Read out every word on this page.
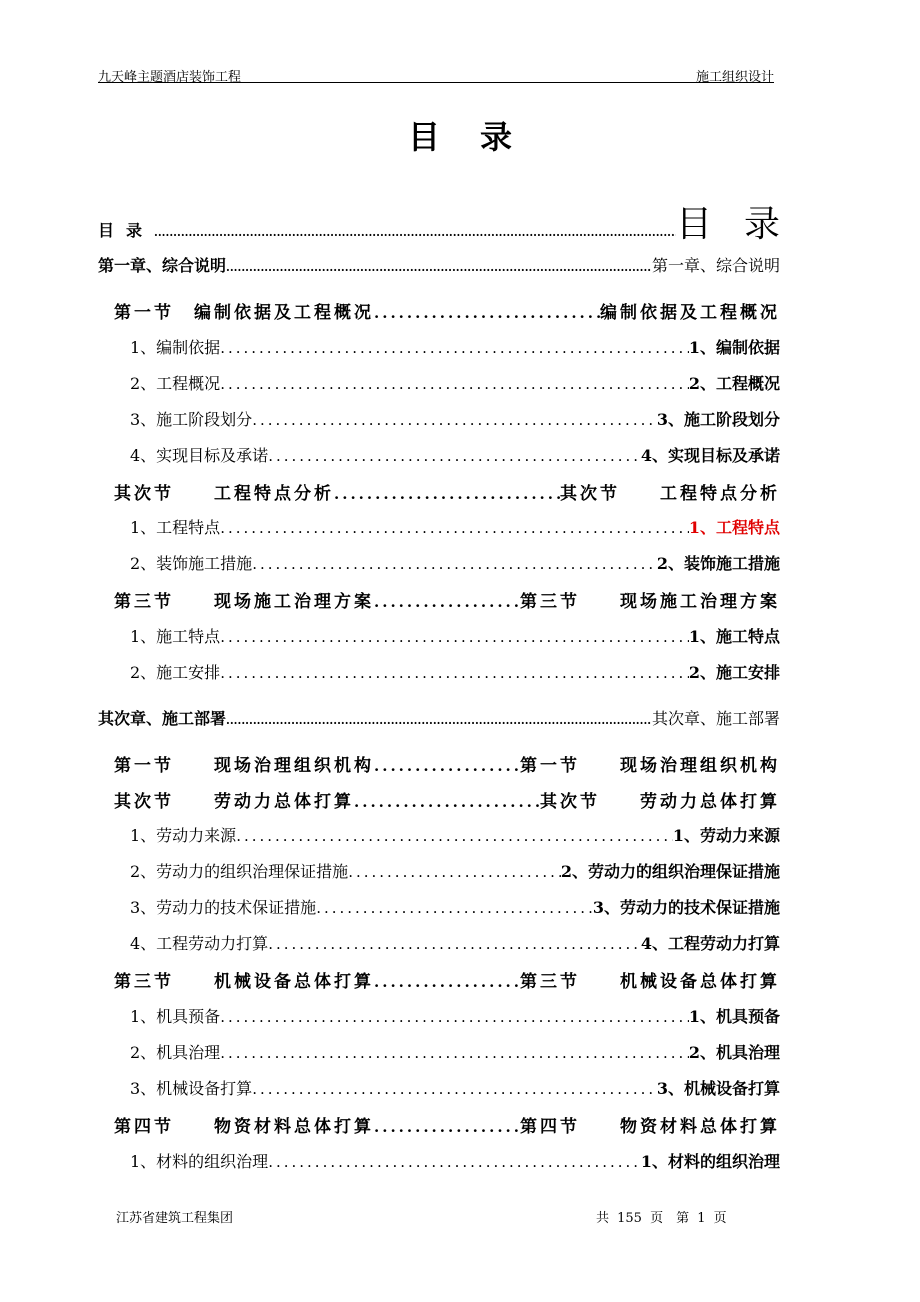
九天峰主题酒店装饰工程	施工组织设计
目录
目录 .....	目录
第一章、综合说明 .....	第一章、综合说明
第一节　编制依据及工程概况 .....	编制依据及工程概况
1、编制依据 .....	1、编制依据
2、工程概况 .....	2、工程概况
3、施工阶段划分 .....	3、施工阶段划分
4、实现目标及承诺 .....	4、实现目标及承诺
其次节　　工程特点分析 .....	其次节　　工程特点分析
1、工程特点 .....	1、工程特点
2、装饰施工措施 .....	2、装饰施工措施
第三节　　现场施工治理方案 .....	第三节　　现场施工治理方案
1、施工特点 .....	1、施工特点
2、施工安排 .....	2、施工安排
其次章、施工部署 .....	其次章、施工部署
第一节　　现场治理组织机构 .....	第一节　　现场治理组织机构
其次节　　劳动力总体打算 .....	其次节　　劳动力总体打算
1、劳动力来源 .....	1、劳动力来源
2、劳动力的组织治理保证措施 .....	2、劳动力的组织治理保证措施
3、劳动力的技术保证措施 .....	3、劳动力的技术保证措施
4、工程劳动力打算 .....	4、工程劳动力打算
第三节　　机械设备总体打算 .....	第三节　　机械设备总体打算
1、机具预备 .....	1、机具预备
2、机具治理 .....	2、机具治理
3、机械设备打算 .....	3、机械设备打算
第四节　　物资材料总体打算 .....	第四节　　物资材料总体打算
1、材料的组织治理 .....	1、材料的组织治理
江苏省建筑工程集团	共 155 页　第 1 页
